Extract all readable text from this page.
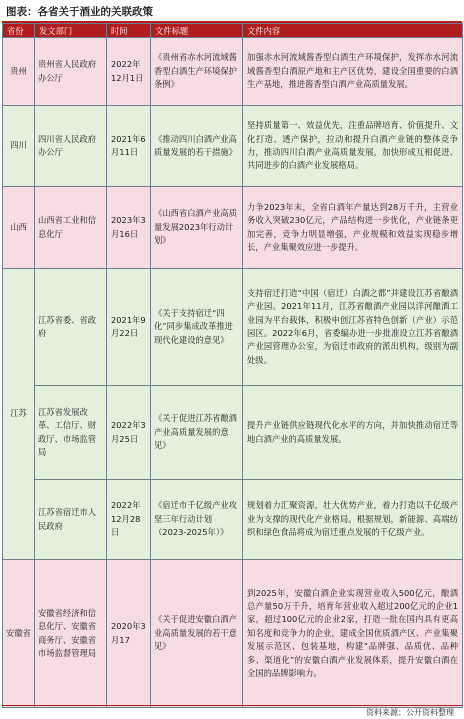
图表：各省关于酒业的关联政策
省份	发文部门	时间	文件标题	文件内容
贵州	贵州省人民政府办公厅	2022年12月1日	《贵州省赤水河流域酱香型白酒生产环境保护条例》	加强赤水河流域酱香型白酒生产环境保护，发挥赤水河流域酱香型白酒原产地和主产区优势，建设全国重要的白酒生产基地，推进酱香型白酒产业高质量发展。
四川	四川省人民政府办公厅	2021年6月11日	《推动四川白酒产业高质量发展的若干措施》	坚持质量第一、效益优先，注重品牌培育、价值提升、文化打造、透产保护，拉动和提升白酒产业链的整体竞争力，推动四川白酒产业高质量发展，加快形成互相促进、共同进步的白酒产业发展格局。
山西	山西省工业和信息化厅	2023年3月16日	《山西省白酒产业高质量发展2023年行动计划》	力争2023年末，全省白酒年产量达到28万千升，主营业务收入突破230亿元，产品结构进一步优化，产业链条更加完善，竞争力明显增强，产业规模和效益实现稳步增长，产业集聚效应进一步提升。
江苏	江苏省委、省政府	2021年9月22日	《关于支持宿迁“四化”同步集成改革推进现代化建设的意见》	支持宿迁打造“中国（宿迁）白酒之都”并建设江苏省酿酒产业园。2021年11月，江苏省酿酒产业园以洋河酿酒工业园为平台载体，积极申创江苏省特色创新（产业）示范园区。2022年6月，省委编办进一步批准设立江苏省酿酒产业园管理办公室，为宿迁市政府的派出机构，级别为副处级。
	江苏省发展改革、工信厅、财政厅、市场监管局	2022年3月25日	《关于促进江苏省酿酒产业高质量发展的意见》	提升产业链供应链现代化水平的方向，并加快推动宿迁等地白酒产业的高质量发展。
	江苏省宿迁市人民政府	2022年12月28日	《宿迁市千亿级产业攻坚三年行动计划（2023-2025年）》	规划着力汇聚资源，壮大优势产业，着力打造以千亿级产业为支撑的现代化产业格局。根据规划，新能源、高端纺织和绿色食品将成为宿迁重点发展的千亿级产业。
安徽省	安徽省经济和信息化厅、安徽省商务厅、安徽省市场监督管理局	2020年3月17	《关于促进安徽白酒产业高质量发展的若干意见》	到2025年，安徽白酒企业实现营业收入500亿元，酿酒总产量50万千升，培育年营业收入超过200亿元的企业1家，超过100亿元的企业2家，打造一批在国内具有更高知名度和竞争力的企业，建成全国优质酒产区、产业集聚发展示范区、包装基地，构建“品牌强、品质优、品种多、渠道化”的安徽白酒产业发展体系，提升安徽白酒在全国的品牌影响力。
资料来源：公开资料整理
